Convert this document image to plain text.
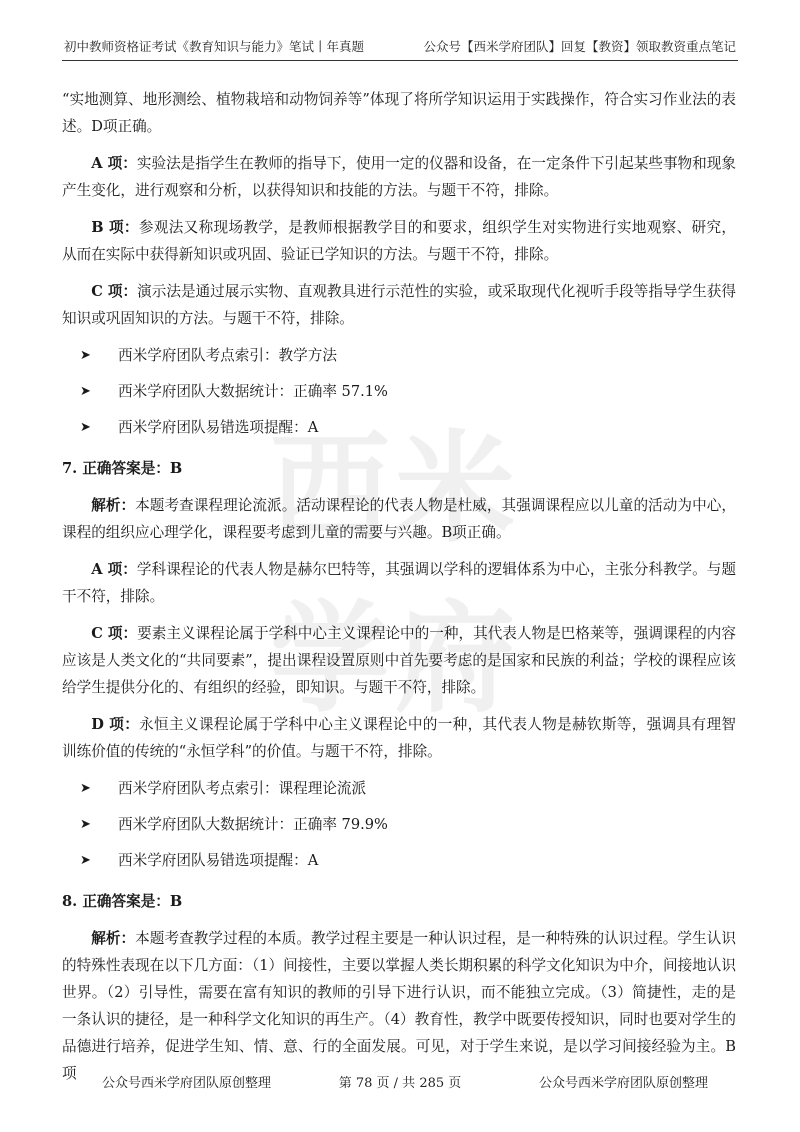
初中教师资格证考试《教育知识与能力》笔试丨年真题	公众号【西米学府团队】回复【教资】领取教资重点笔记
西 米
学 府

“实地测算、地形测绘、植物栽培和动物饲养等”体现了将所学知识运用于实践操作，符合实习作业法的表述。D项正确。

A 项：实验法是指学生在教师的指导下，使用一定的仪器和设备，在一定条件下引起某些事物和现象产生变化，进行观察和分析，以获得知识和技能的方法。与题干不符，排除。

B 项：参观法又称现场教学，是教师根据教学目的和要求，组织学生对实物进行实地观察、研究，从而在实际中获得新知识或巩固、验证已学知识的方法。与题干不符，排除。

C 项：演示法是通过展示实物、直观教具进行示范性的实验，或采取现代化视听手段等指导学生获得知识或巩固知识的方法。与题干不符，排除。

➤ 西米学府团队考点索引：教学方法
➤ 西米学府团队大数据统计：正确率 57.1%
➤ 西米学府团队易错选项提醒：A
7. 正确答案是：B

解析：本题考查课程理论流派。活动课程论的代表人物是杜威，其强调课程应以儿童的活动为中心，课程的组织应心理学化，课程要考虑到儿童的需要与兴趣。B项正确。

A 项：学科课程论的代表人物是赫尔巴特等，其强调以学科的逻辑体系为中心，主张分科教学。与题干不符，排除。

C 项：要素主义课程论属于学科中心主义课程论中的一种，其代表人物是巴格莱等，强调课程的内容应该是人类文化的“共同要素”，提出课程设置原则中首先要考虑的是国家和民族的利益；学校的课程应该给学生提供分化的、有组织的经验，即知识。与题干不符，排除。

D 项：永恒主义课程论属于学科中心主义课程论中的一种，其代表人物是赫钦斯等，强调具有理智训练价值的传统的“永恒学科”的价值。与题干不符，排除。

➤ 西米学府团队考点索引：课程理论流派
➤ 西米学府团队大数据统计：正确率 79.9%
➤ 西米学府团队易错选项提醒：A
8. 正确答案是：B

解析：本题考查教学过程的本质。教学过程主要是一种认识过程，是一种特殊的认识过程。学生认识的特殊性表现在以下几方面：（1）间接性，主要以掌握人类长期积累的科学文化知识为中介，间接地认识世界。（2）引导性，需要在富有知识的教师的引导下进行认识，而不能独立完成。（3）简捷性，走的是一条认识的捷径，是一种科学文化知识的再生产。（4）教育性，教学中既要传授知识，同时也要对学生的品德进行培养，促进学生知、情、意、行的全面发展。可见，对于学生来说，是以学习间接经验为主。B项

公众号西米学府团队原创整理	第 78 页 / 共 285 页	公众号西米学府团队原创整理
